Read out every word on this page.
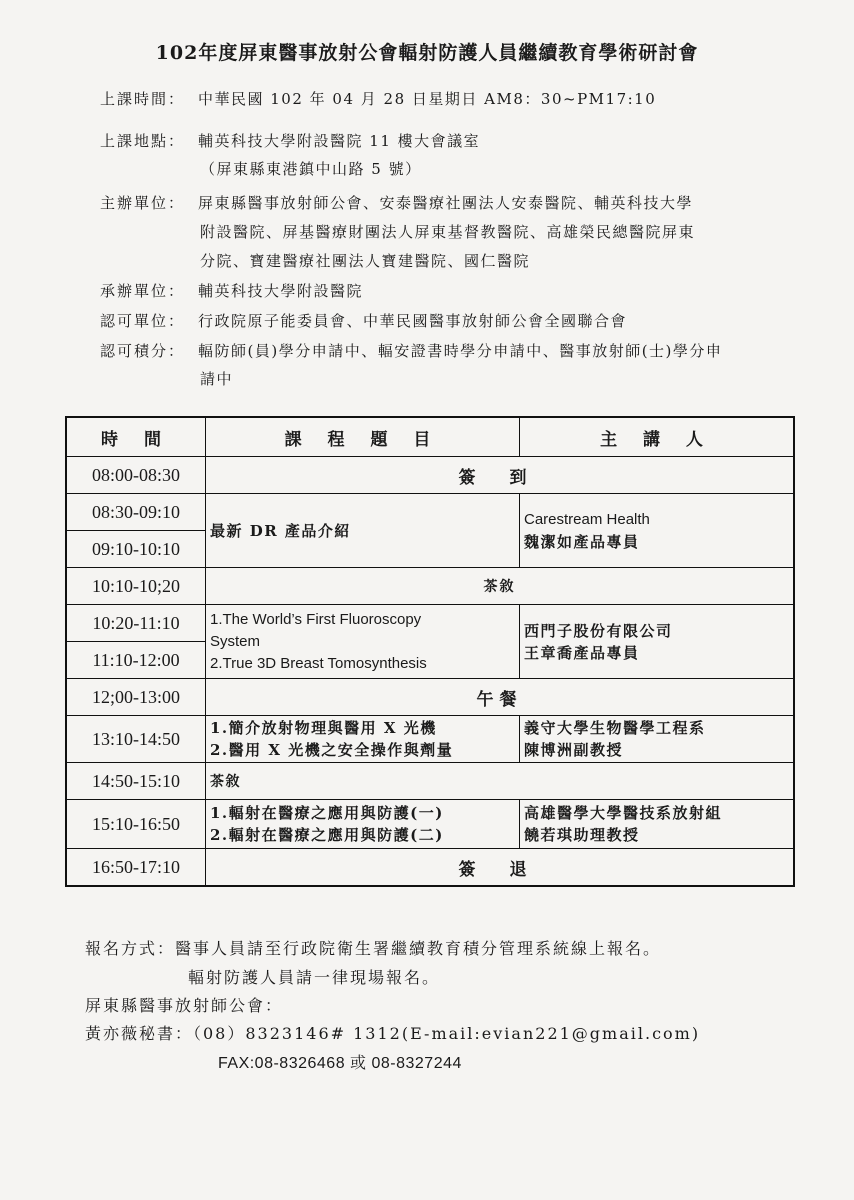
102年度屏東醫事放射公會輻射防護人員繼續教育學術研討會
上課時間： 中華民國 102 年 04 月 28 日星期日 AM8：30~PM17:10
上課地點： 輔英科技大學附設醫院 11 樓大會議室
（屏東縣東港鎮中山路 5 號）
主辦單位： 屏東縣醫事放射師公會、安泰醫療社團法人安泰醫院、輔英科技大學
附設醫院、屏基醫療財團法人屏東基督教醫院、高雄榮民總醫院屏東
分院、寶建醫療社團法人寶建醫院、國仁醫院
承辦單位： 輔英科技大學附設醫院
認可單位： 行政院原子能委員會、中華民國醫事放射師公會全國聯合會
認可積分： 輻防師(員)學分申請中、輻安證書時學分申請中、醫事放射師(士)學分申
請中
時 間	課 程 題 目	主 講 人
08:00-08:30	簽 到	
08:30-09:10	最新 DR 產品介紹	Carestream Health
魏潔如產品專員

09:10-10:10		
10:10-10;20	茶敘	
10:20-11:10	1.The World’s First Fluoroscopy
System
2.True 3D Breast Tomosynthesis	西門子股份有限公司
王章喬產品專員

11:10-12:00		
12;00-13:00	午餐	
13:10-14:50	1.簡介放射物理與醫用 X 光機
2.醫用 X 光機之安全操作與劑量	義守大學生物醫學工程系
陳博洲副教授

14:50-15:10	茶敘	
15:10-16:50	1.輻射在醫療之應用與防護(一)
2.輻射在醫療之應用與防護(二)	高雄醫學大學醫技系放射組
饒若琪助理教授

16:50-17:10	簽 退	
報名方式：醫事人員請至行政院衛生署繼續教育積分管理系統線上報名。
輻射防護人員請一律現場報名。
屏東縣醫事放射師公會：
黃亦薇秘書：（08）8323146# 1312(E-mail:evian221@gmail.com)
FAX:08-8326468 或 08-8327244
